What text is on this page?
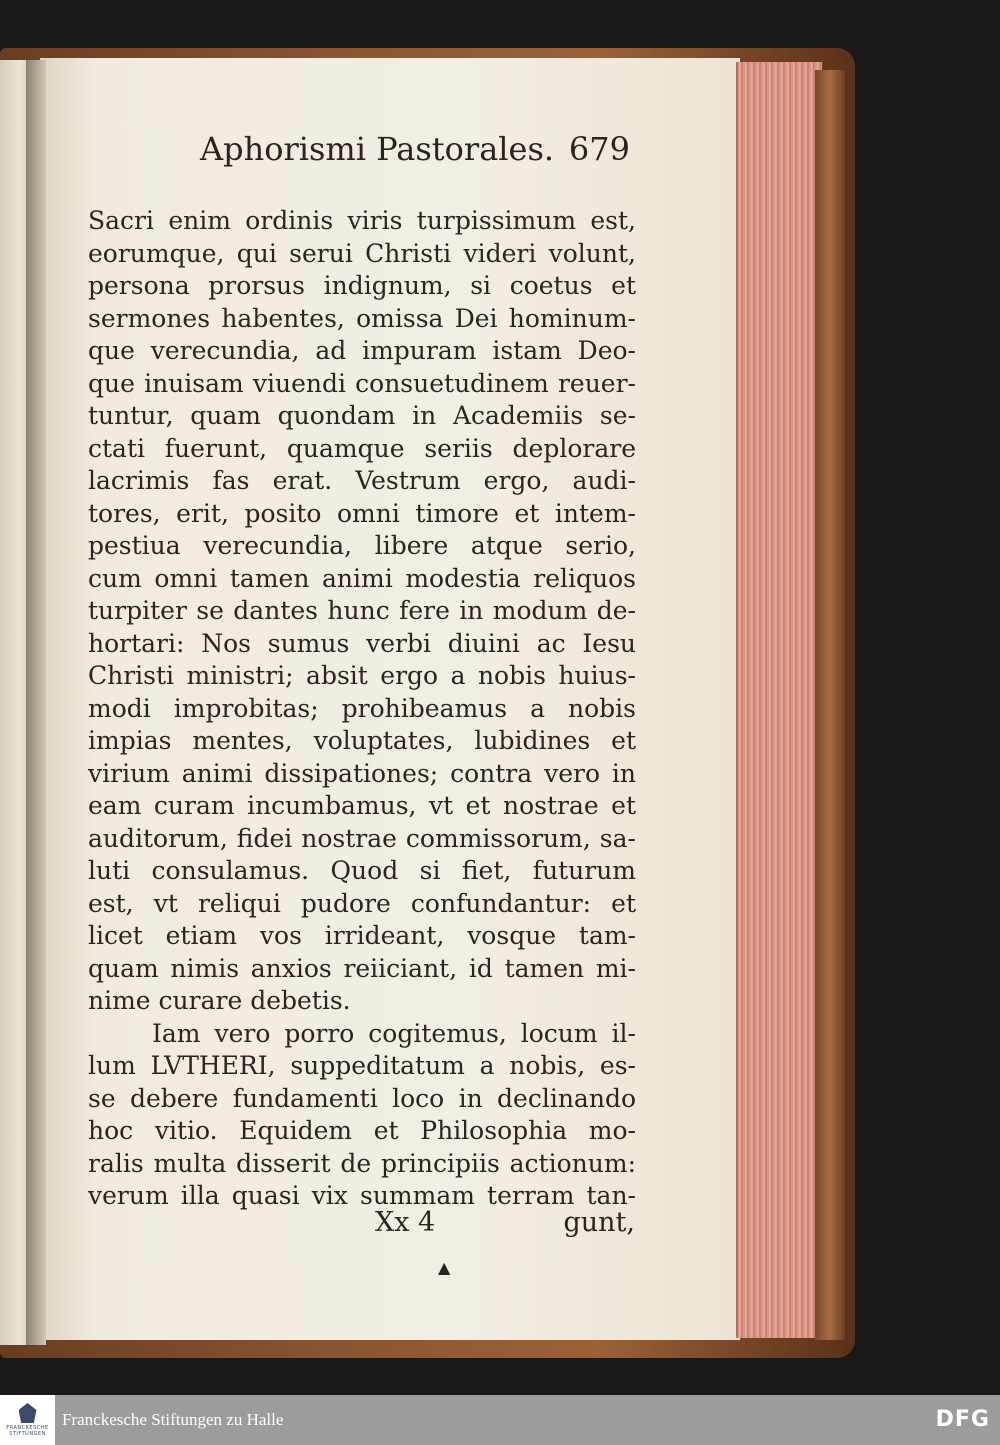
Aphorismi Pastorales. 679
Sacri enim ordinis viris turpissimum est,
eorumque, qui serui Christi videri volunt,
persona prorsus indignum, si coetus et
sermones habentes, omissa Dei hominum-
que verecundia, ad impuram istam Deo-
que inuisam viuendi consuetudinem reuer-
tuntur, quam quondam in Academiis se-
ctati fuerunt, quamque seriis deplorare
lacrimis fas erat. Vestrum ergo, audi-
tores, erit, posito omni timore et intem-
pestiua verecundia, libere atque serio,
cum omni tamen animi modestia reliquos
turpiter se dantes hunc fere in modum de-
hortari: Nos sumus verbi diuini ac Iesu
Christi ministri; absit ergo a nobis huius-
modi improbitas; prohibeamus a nobis
impias mentes, voluptates, lubidines et
virium animi dissipationes; contra vero in
eam curam incumbamus, vt et nostrae et
auditorum, fidei nostrae commissorum, sa-
luti consulamus. Quod si fiet, futurum
est, vt reliqui pudore confundantur: et
licet etiam vos irrideant, vosque tam-
quam nimis anxios reiiciant, id tamen mi-
nime curare debetis.
Iam vero porro cogitemus, locum il-
lum LVTHERI, suppeditatum a nobis, es-
se debere fundamenti loco in declinando
hoc vitio. Equidem et Philosophia mo-
ralis multa disserit de principiis actionum:
verum illa quasi vix summam terram tan-
Xx 4	gunt,
▲
FRANCKESCHE STIFTUNGEN
Franckesche Stiftungen zu Halle	DFG
